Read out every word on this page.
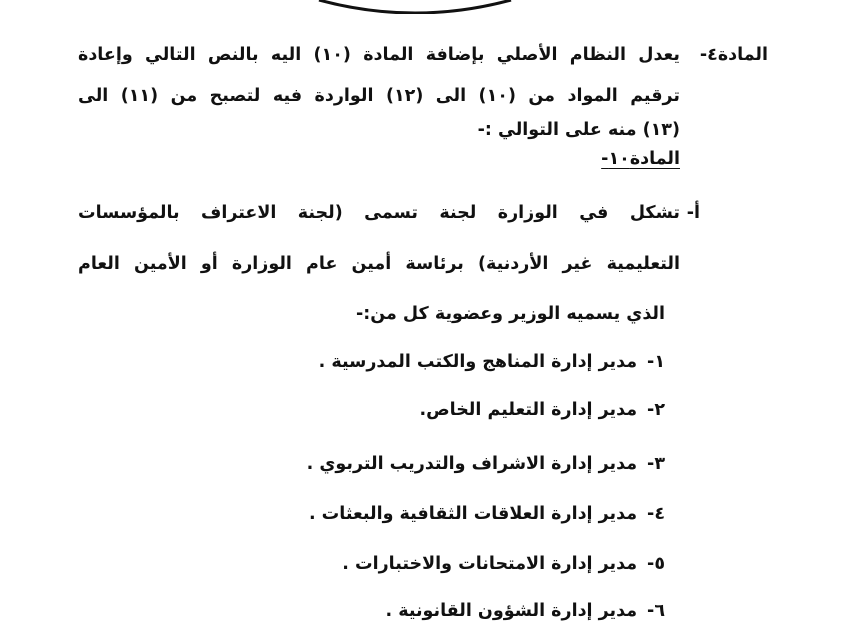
المادة٤-
يعدل النظام الأصلي بإضافة المادة (١٠) اليه بالنص التالي وإعادة
ترقيم المواد من (١٠) الى (١٢) الواردة فيه لتصبح من (١١) الى
(١٣) منه على التوالي :-
المادة١٠-
أ-
تشكل في الوزارة لجنة تسمى (لجنة الاعتراف بالمؤسسات
التعليمية غير الأردنية) برئاسة أمين عام الوزارة أو الأمين العام
الذي يسميه الوزير وعضوية كل من:-
١-مدير إدارة المناهج والكتب المدرسية .
٢-مدير إدارة التعليم الخاص.
٣-مدير إدارة الاشراف والتدريب التربوي .
٤-مدير إدارة العلاقات الثقافية والبعثات .
٥-مدير إدارة الامتحانات والاختبارات .
٦-مدير إدارة الشؤون القانونية .
